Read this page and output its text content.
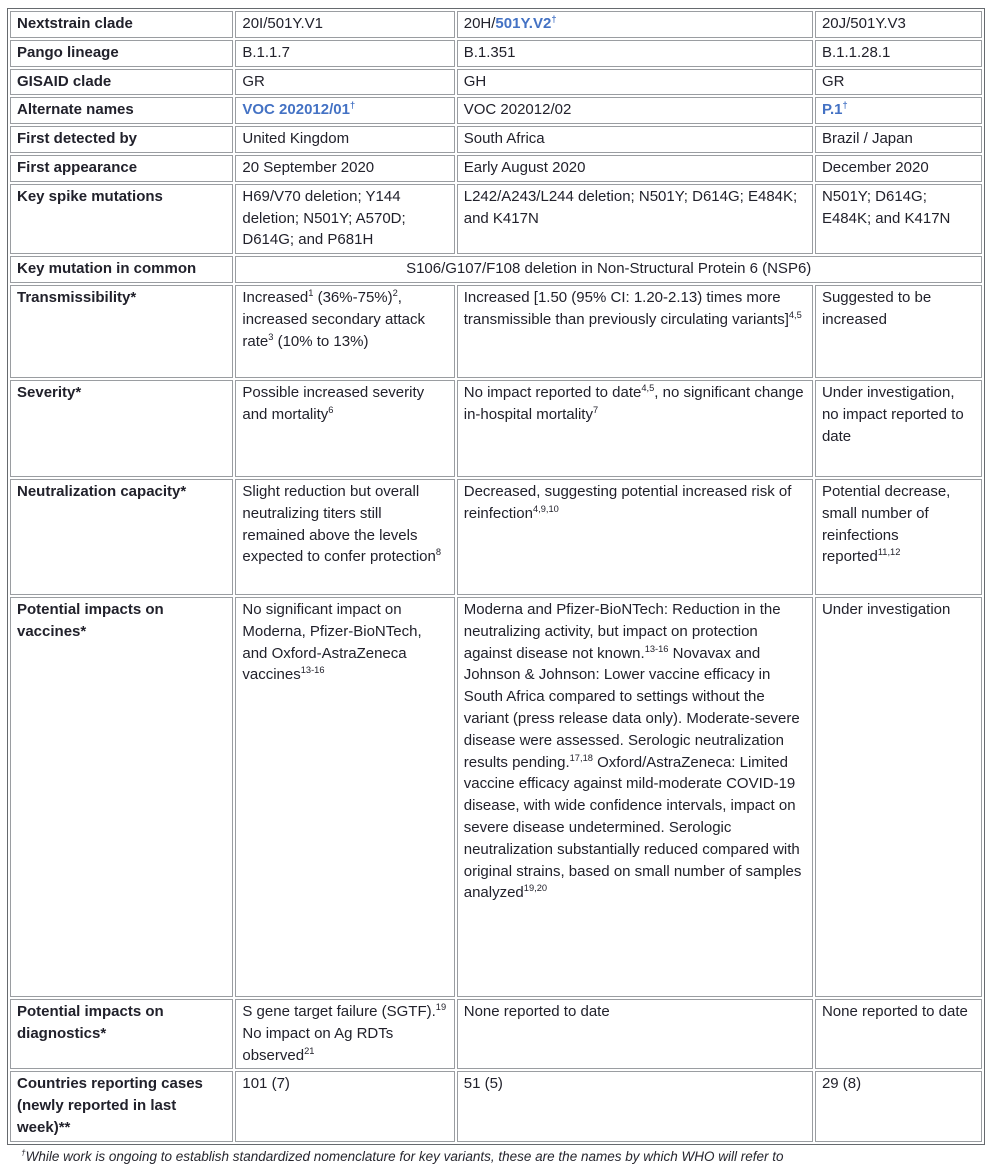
Nextstrain clade	20I/501Y.V1	20H/501Y.V2†	20J/501Y.V3
Pango lineage	B.1.1.7	B.1.351	B.1.1.28.1
GISAID clade	GR	GH	GR
Alternate names	VOC 202012/01†	VOC 202012/02	P.1†
First detected by	United Kingdom	South Africa	Brazil / Japan
First appearance	20 September 2020	Early August 2020	December 2020
Key spike mutations	H69/V70 deletion; Y144 deletion; N501Y; A570D; D614G; and P681H	L242/A243/L244 deletion; N501Y; D614G; E484K; and K417N	N501Y; D614G; E484K; and K417N
Key mutation in common	S106/G107/F108 deletion in Non-Structural Protein 6 (NSP6)		
Transmissibility*	Increased$^1$ $(36\%-75\%)^2$, increased secondary attack rate$^3$ (10% to 13%)	Increased [1.50 (95% CI: 1.20-2.13) times more transmissible than previously circulating variants]$^{4,5}$	Suggested to be increased
Severity*	Possible increased severity and mortality$^6$	No impact reported to date$^{4,5}$, no significant change in-hospital mortality$^7$	Under investigation, no impact reported to date
Neutralization capacity*	Slight reduction but overall neutralizing titers still remained above the levels expected to confer protection$^8$	Decreased, suggesting potential increased risk of reinfection$^{4,9,10}$	Potential decrease, small number of reinfections reported$^{11,12}$
Potential impacts on vaccines*	No significant impact on Moderna, Pfizer-BioNTech, and Oxford-AstraZeneca vaccines$^{13-16}$	Moderna and Pfizer-BioNTech: Reduction in the neutralizing activity, but impact on protection against disease not known.$^{13-16}$ Novavax and Johnson & Johnson: Lower vaccine efficacy in South Africa compared to settings without the variant (press release data only). Moderate-severe disease were assessed. Serologic neutralization results pending.$^{17,18}$ Oxford/AstraZeneca: Limited vaccine efficacy against mild-moderate COVID-19 disease, with wide confidence intervals, impact on severe disease undetermined. Serologic neutralization substantially reduced compared with original strains, based on small number of samples analyzed$^{19,20}$	Under investigation
Potential impacts on diagnostics*	S gene target failure (SGTF).$^{19}$ No impact on Ag RDTs observed$^{21}$	None reported to date	None reported to date
Countries reporting cases (newly reported in last week)**	101 (7)	51 (5)	29 (8)
†While work is ongoing to establish standardized nomenclature for key variants, these are the names by which WHO will refer to
